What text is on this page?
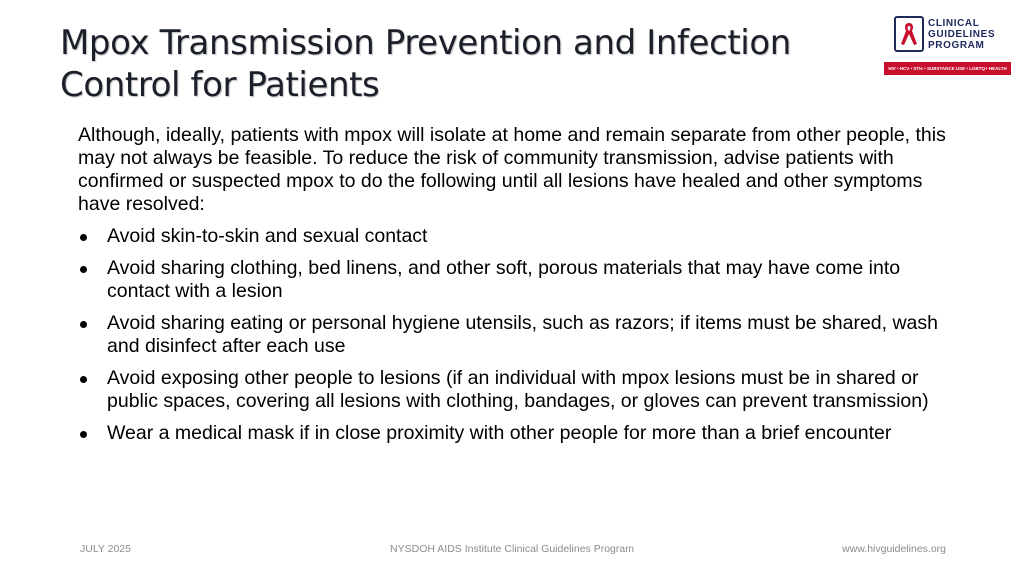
Mpox Transmission Prevention and Infection
Control for Patients
CLINICAL
GUIDELINES
PROGRAM
HIV • HCV • STIs • SUBSTANCE USE • LGBTQ+ HEALTH

Although, ideally, patients with mpox will isolate at home and remain separate from other people, this may not always be feasible. To reduce the risk of community transmission, advise patients with confirmed or suspected mpox to do the following until all lesions have healed and other symptoms have resolved:

Avoid skin-to-skin and sexual contact
Avoid sharing clothing, bed linens, and other soft, porous materials that may have come into contact with a lesion
Avoid sharing eating or personal hygiene utensils, such as razors; if items must be shared, wash and disinfect after each use
Avoid exposing other people to lesions (if an individual with mpox lesions must be in shared or public spaces, covering all lesions with clothing, bandages, or gloves can prevent transmission)
Wear a medical mask if in close proximity with other people for more than a brief encounter
JULY 2025	NYSDOH AIDS Institute Clinical Guidelines Program	www.hivguidelines.org
